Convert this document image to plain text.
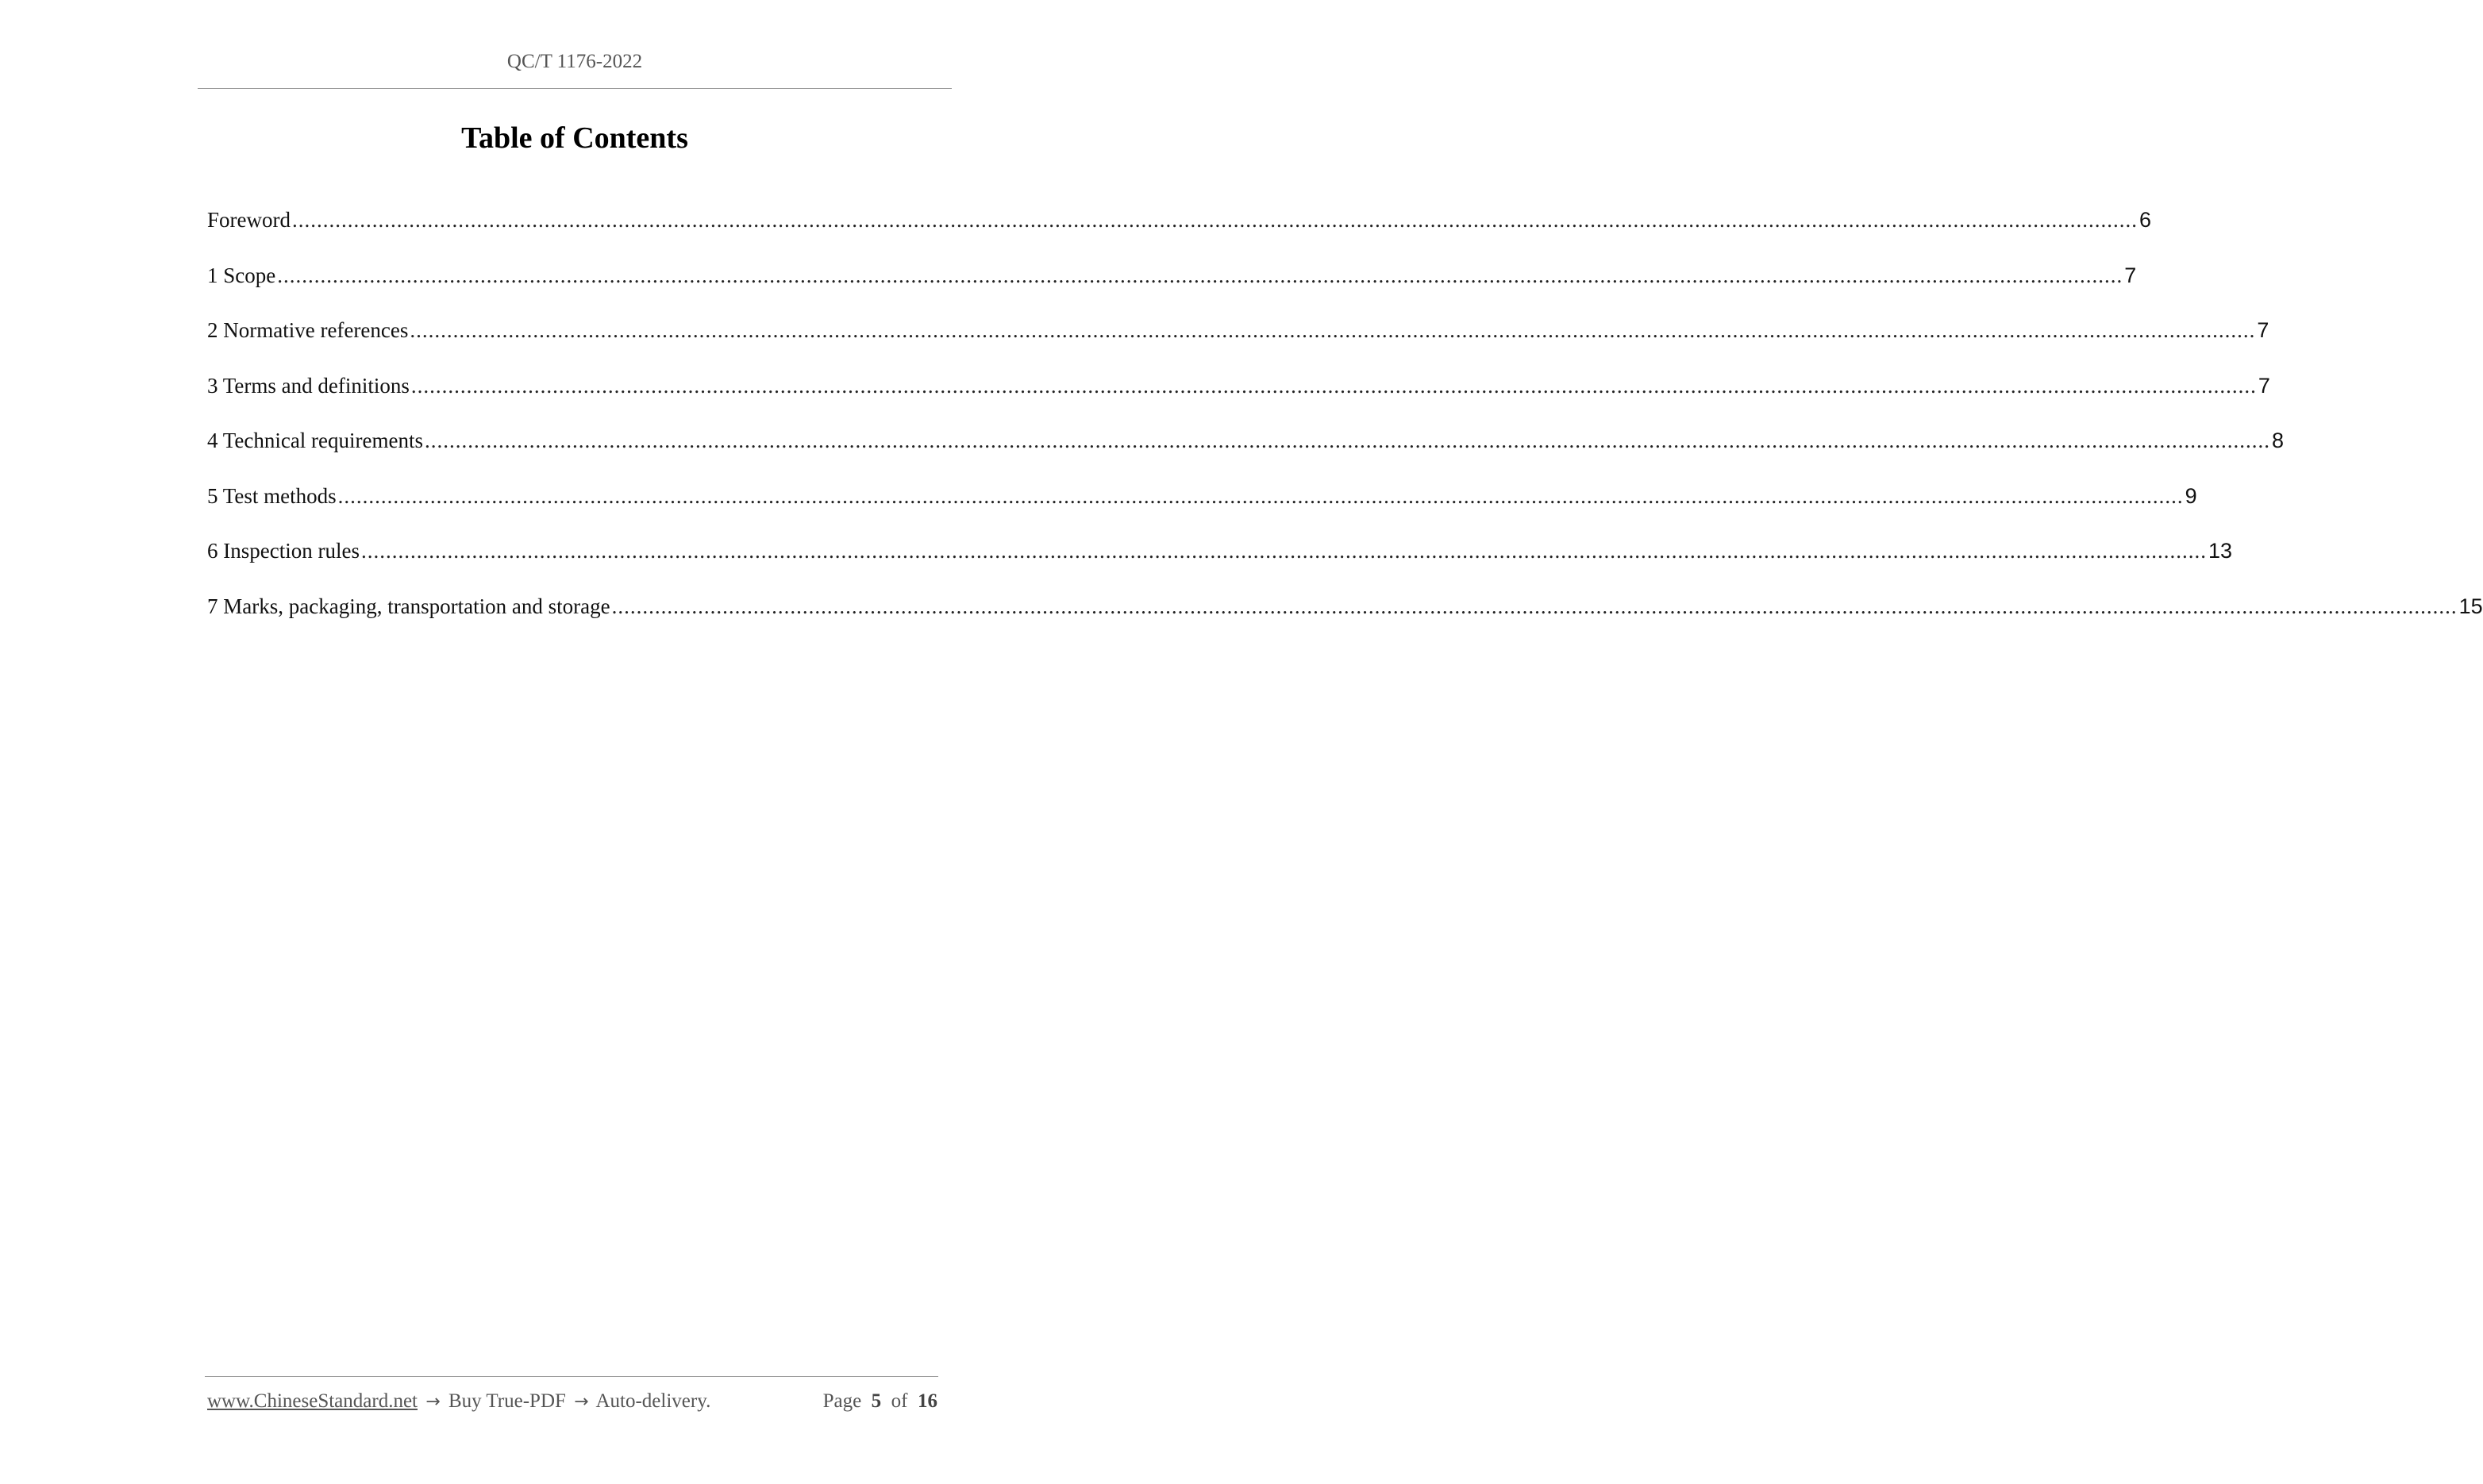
QC/T 1176-2022
Table of Contents
Foreword ............................................................................................................................................................................................................................................................................................................ 6
1 Scope ............................................................................................................................................................................................................................................................................................................ 7
2 Normative references ............................................................................................................................................................................................................................................................................................................ 7
3 Terms and definitions ............................................................................................................................................................................................................................................................................................................ 7
4 Technical requirements ............................................................................................................................................................................................................................................................................................................ 8
5 Test methods ............................................................................................................................................................................................................................................................................................................ 9
6 Inspection rules ............................................................................................................................................................................................................................................................................................................ 13
7 Marks, packaging, transportation and storage ............................................................................................................................................................................................................................................................................................................ 15
www.ChineseStandard.net → Buy True-PDF → Auto-delivery.	Page 5 of 16
